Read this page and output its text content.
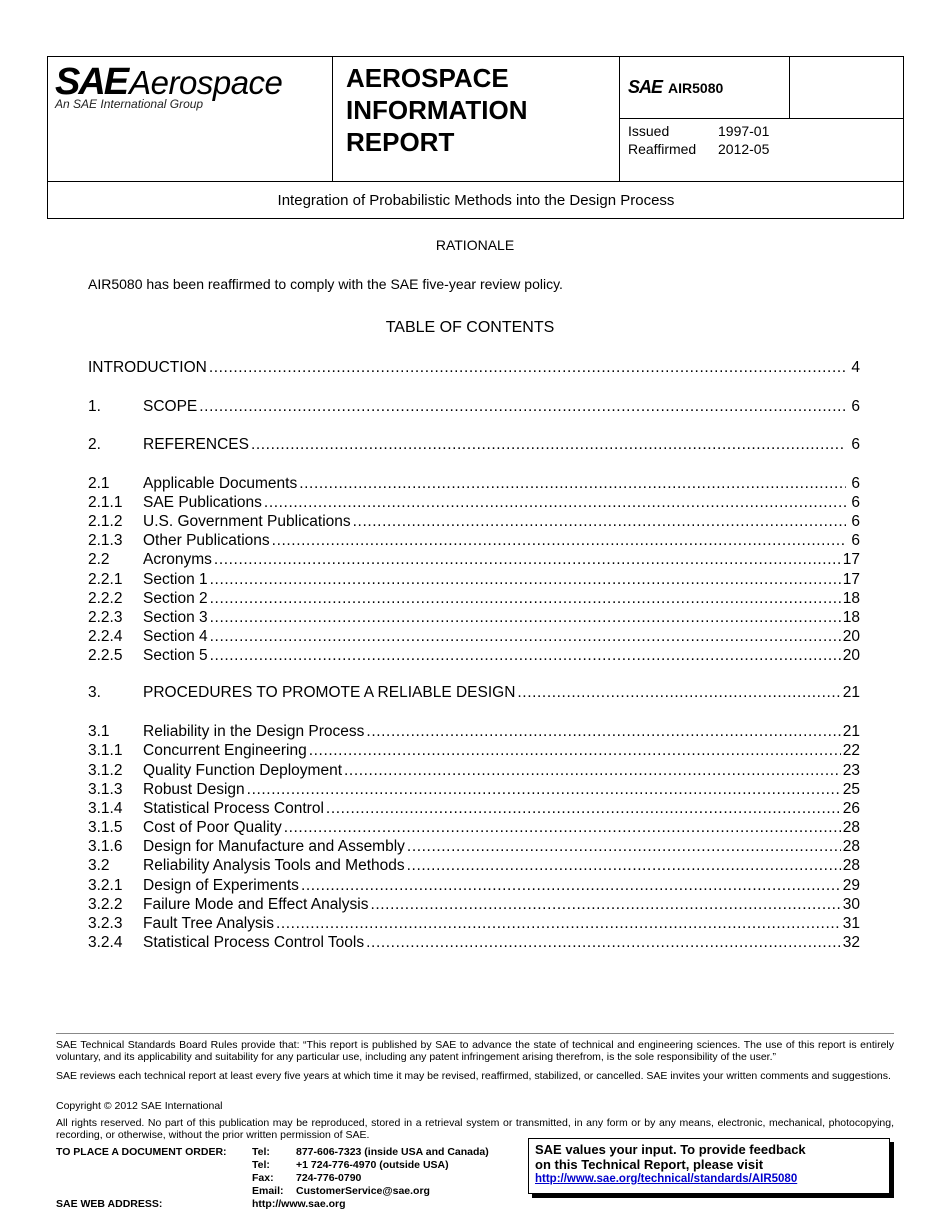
SAEAerospace
An SAE International Group
AEROSPACE
INFORMATION
REPORT
SAE AIR5080
Issued	1997-01
Reaffirmed	2012-05
Integration of Probabilistic Methods into the Design Process
RATIONALE
AIR5080 has been reaffirmed to comply with the SAE five-year review policy.
TABLE OF CONTENTS
INTRODUCTION .....	4
1.	SCOPE .....	6
2.	REFERENCES .....	6
2.1	Applicable Documents .....	6
2.1.1	SAE Publications .....	6
2.1.2	U.S. Government Publications .....	6
2.1.3	Other Publications .....	6
2.2	Acronyms .....	17
2.2.1	Section 1 .....	17
2.2.2	Section 2 .....	18
2.2.3	Section 3 .....	18
2.2.4	Section 4 .....	20
2.2.5	Section 5 .....	20
3.	PROCEDURES TO PROMOTE A RELIABLE DESIGN .....	21
3.1	Reliability in the Design Process .....	21
3.1.1	Concurrent Engineering .....	22
3.1.2	Quality Function Deployment .....	23
3.1.3	Robust Design .....	25
3.1.4	Statistical Process Control .....	26
3.1.5	Cost of Poor Quality .....	28
3.1.6	Design for Manufacture and Assembly .....	28
3.2	Reliability Analysis Tools and Methods .....	28
3.2.1	Design of Experiments .....	29
3.2.2	Failure Mode and Effect Analysis .....	30
3.2.3	Fault Tree Analysis .....	31
3.2.4	Statistical Process Control Tools .....	32
SAE Technical Standards Board Rules provide that: “This report is published by SAE to advance the state of technical and engineering sciences. The use of this report is entirely voluntary, and its applicability and suitability for any particular use, including any patent infringement arising therefrom, is the sole responsibility of the user.”
SAE reviews each technical report at least every five years at which time it may be revised, reaffirmed, stabilized, or cancelled. SAE invites your written comments and suggestions.
Copyright © 2012 SAE International
All rights reserved. No part of this publication may be reproduced, stored in a retrieval system or transmitted, in any form or by any means, electronic, mechanical, photocopying, recording, or otherwise, without the prior written permission of SAE.
TO PLACE A DOCUMENT ORDER: Tel: 877-606-7323 (inside USA and Canada)
Tel: +1 724-776-4970 (outside USA)
Fax: 724-776-0790
Email: CustomerService@sae.org
SAE WEB ADDRESS:	http://www.sae.org
SAE values your input. To provide feedback
on this Technical Report, please visit
http://www.sae.org/technical/standards/AIR5080
